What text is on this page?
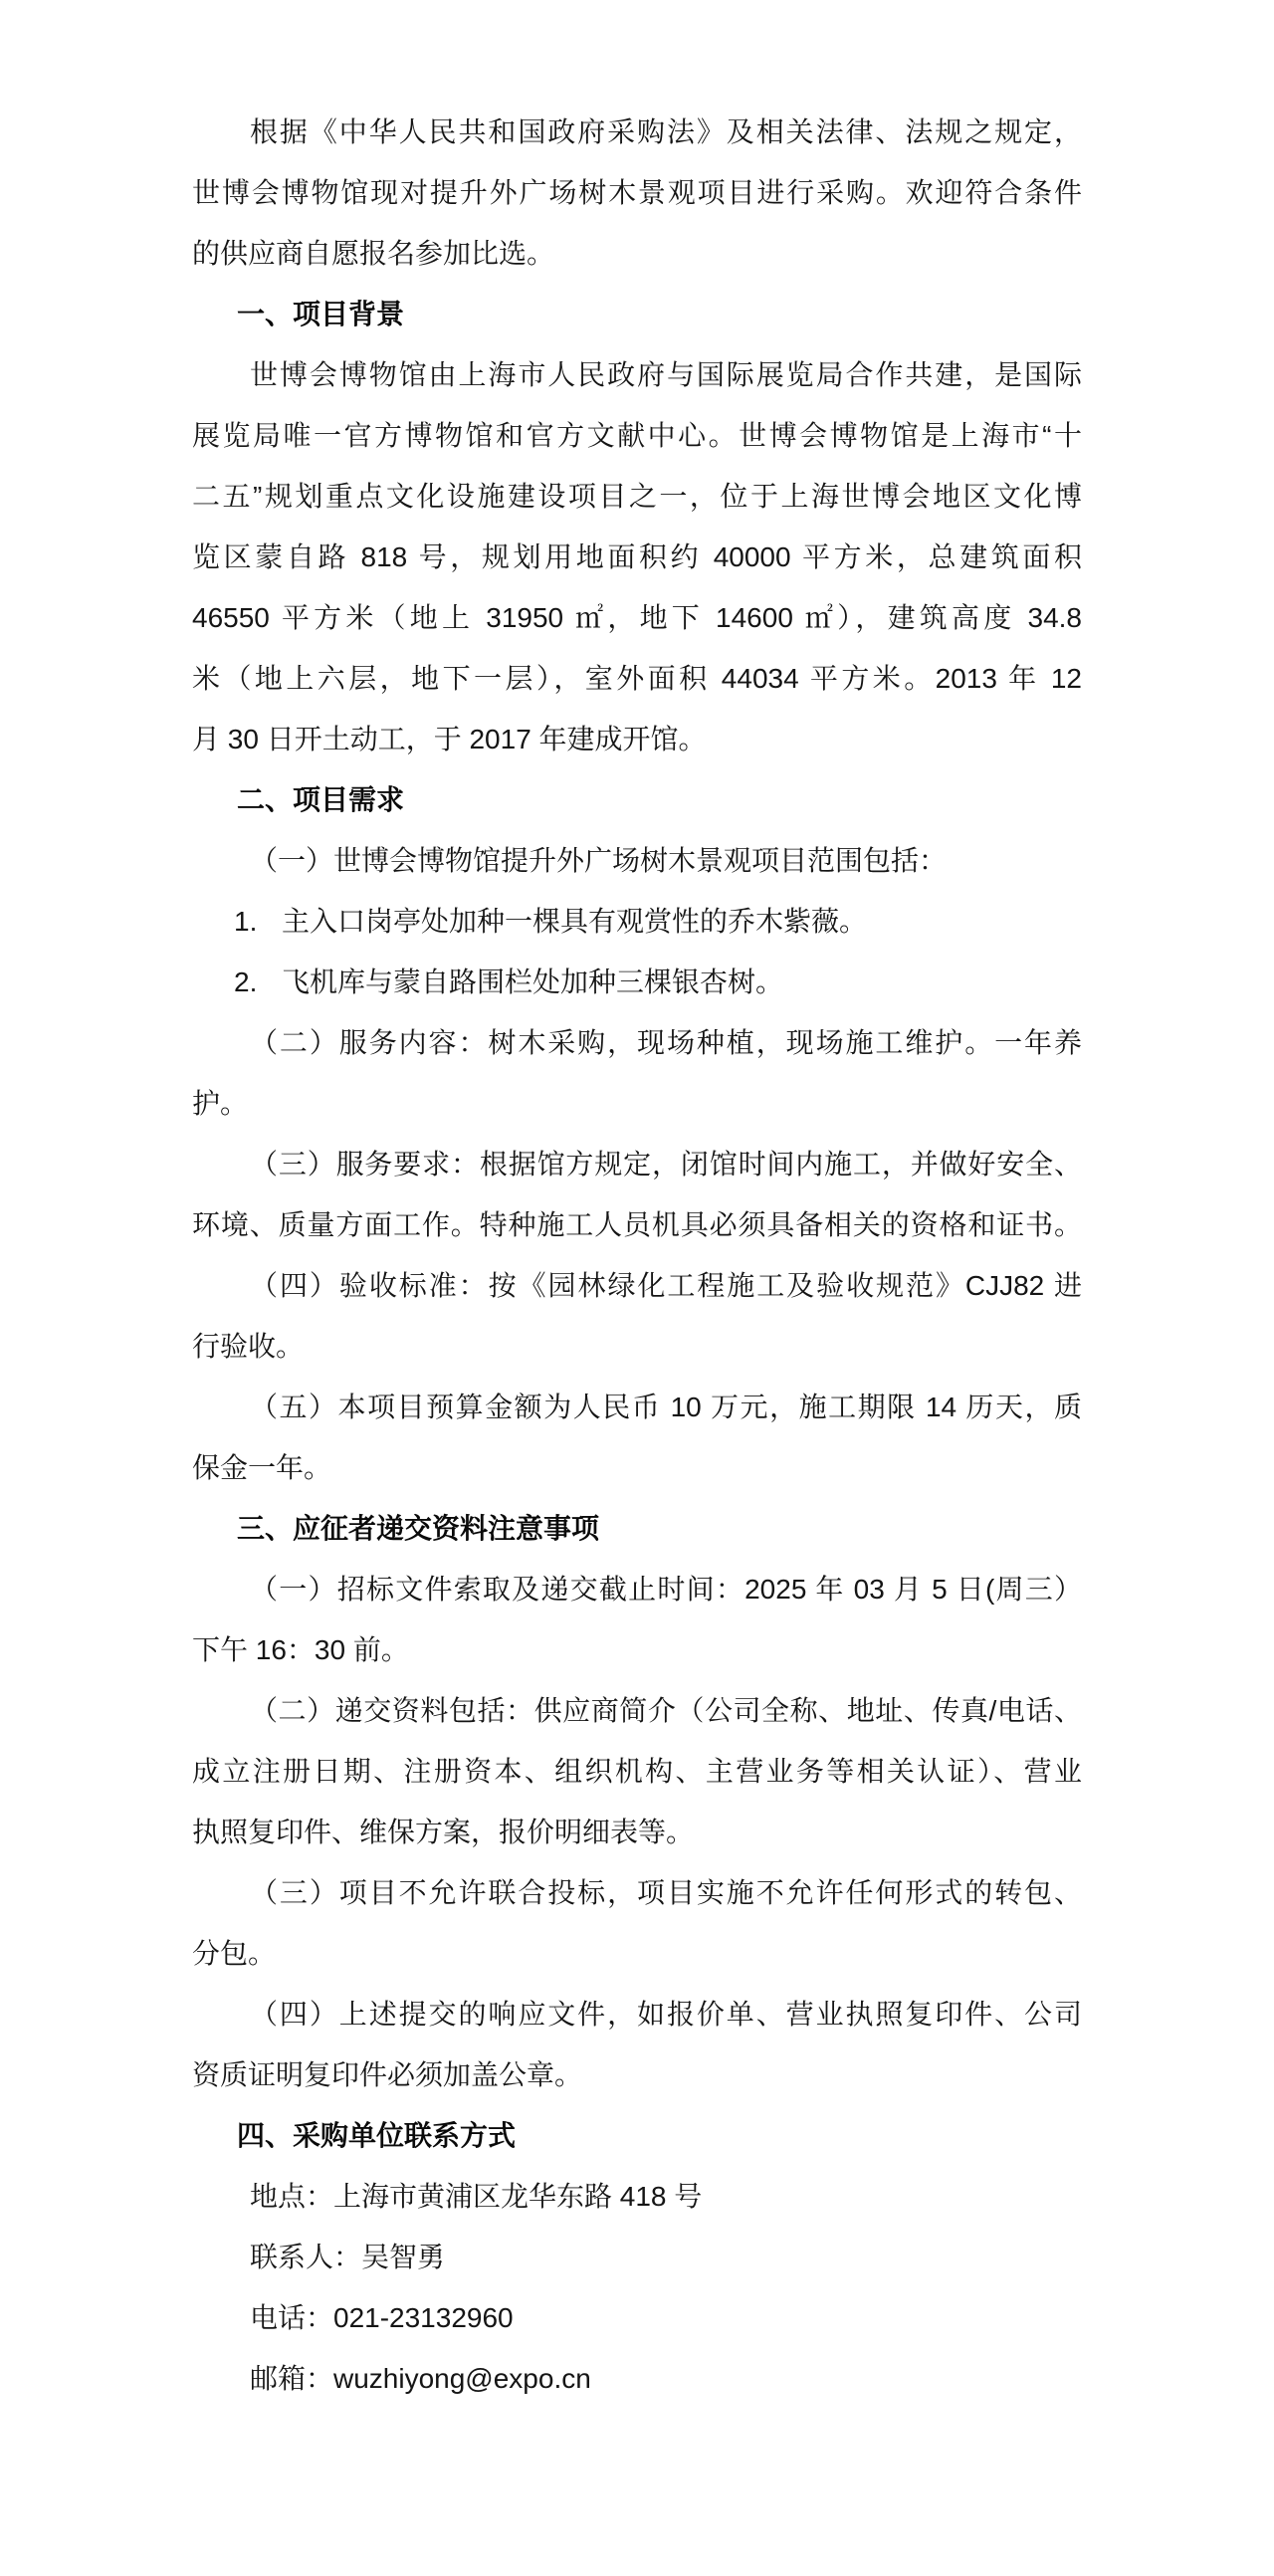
根据《中华人民共和国政府采购法》及相关法律、法规之规定，
世博会博物馆现对提升外广场树木景观项目进行采购。欢迎符合条件
的供应商自愿报名参加比选。
一、项目背景
世博会博物馆由上海市人民政府与国际展览局合作共建，是国际
展览局唯一官方博物馆和官方文献中心。世博会博物馆是上海市“十
二五”规划重点文化设施建设项目之一，位于上海世博会地区文化博
览区蒙自路 818 号，规划用地面积约 40000 平方米，总建筑面积
46550 平方米（地上 31950 ㎡，地下 14600 ㎡），建筑高度 34.8
米（地上六层，地下一层），室外面积 44034 平方米。2013 年 12
月 30 日开土动工，于 2017 年建成开馆。
二、项目需求
（一）世博会博物馆提升外广场树木景观项目范围包括：
1. 主入口岗亭处加种一棵具有观赏性的乔木紫薇。
2. 飞机库与蒙自路围栏处加种三棵银杏树。
（二）服务内容：树木采购，现场种植，现场施工维护。一年养
护。
（三）服务要求：根据馆方规定，闭馆时间内施工，并做好安全、
环境、质量方面工作。特种施工人员机具必须具备相关的资格和证书。
（四）验收标准：按《园林绿化工程施工及验收规范》CJJ82 进
行验收。
（五）本项目预算金额为人民币 10 万元，施工期限 14 历天，质
保金一年。
三、应征者递交资料注意事项
（一）招标文件索取及递交截止时间：2025 年 03 月 5 日(周三）
下午 16：30 前。
（二）递交资料包括：供应商简介（公司全称、地址、传真/电话、
成立注册日期、注册资本、组织机构、主营业务等相关认证）、营业
执照复印件、维保方案，报价明细表等。
（三）项目不允许联合投标，项目实施不允许任何形式的转包、
分包。
（四）上述提交的响应文件，如报价单、营业执照复印件、公司
资质证明复印件必须加盖公章。
四、采购单位联系方式
地点：上海市黄浦区龙华东路 418 号
联系人：吴智勇
电话：021-23132960
邮箱：wuzhiyong@expo.cn
